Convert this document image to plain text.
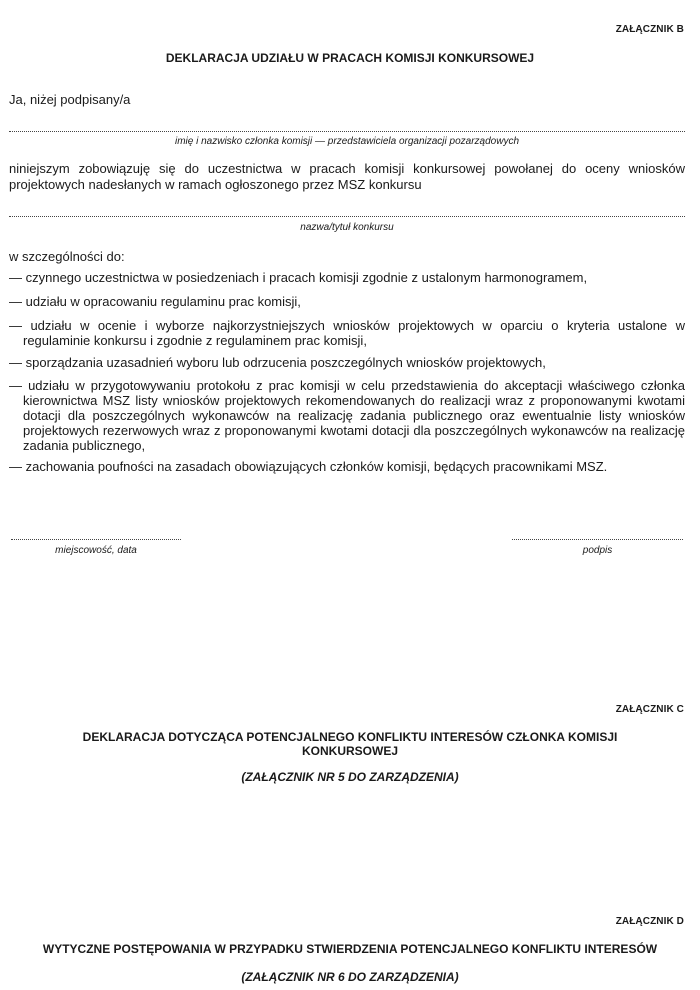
ZAŁĄCZNIK B
DEKLARACJA UDZIAŁU W PRACACH KOMISJI KONKURSOWEJ
Ja, niżej podpisany/a
imię i nazwisko członka komisji — przedstawiciela organizacji pozarządowych
niniejszym zobowiązuję się do uczestnictwa w pracach komisji konkursowej powołanej do oceny wniosków projektowych nadesłanych w ramach ogłoszonego przez MSZ konkursu
nazwa/tytuł konkursu
w szczególności do:
— czynnego uczestnictwa w posiedzeniach i pracach komisji zgodnie z ustalonym harmonogramem,
— udziału w opracowaniu regulaminu prac komisji,
— udziału w ocenie i wyborze najkorzystniejszych wniosków projektowych w oparciu o kryteria ustalone w regulaminie konkursu i zgodnie z regulaminem prac komisji,
— sporządzania uzasadnień wyboru lub odrzucenia poszczególnych wniosków projektowych,
— udziału w przygotowywaniu protokołu z prac komisji w celu przedstawienia do akceptacji właściwego członka kierownictwa MSZ listy wniosków projektowych rekomendowanych do realizacji wraz z proponowanymi kwotami dotacji dla poszczególnych wykonawców na realizację zadania publicznego oraz ewentualnie listy wniosków projektowych rezerwowych wraz z proponowanymi kwotami dotacji dla poszczególnych wykonawców na realizację zadania publicznego,
— zachowania poufności na zasadach obowiązujących członków komisji, będących pracownikami MSZ.
miejscowość, data	podpis
ZAŁĄCZNIK C
DEKLARACJA DOTYCZĄCA POTENCJALNEGO KONFLIKTU INTERESÓW CZŁONKA KOMISJI
KONKURSOWEJ
(ZAŁĄCZNIK NR 5 DO ZARZĄDZENIA)
ZAŁĄCZNIK D
WYTYCZNE POSTĘPOWANIA W PRZYPADKU STWIERDZENIA POTENCJALNEGO KONFLIKTU INTERESÓW
(ZAŁĄCZNIK NR 6 DO ZARZĄDZENIA)
